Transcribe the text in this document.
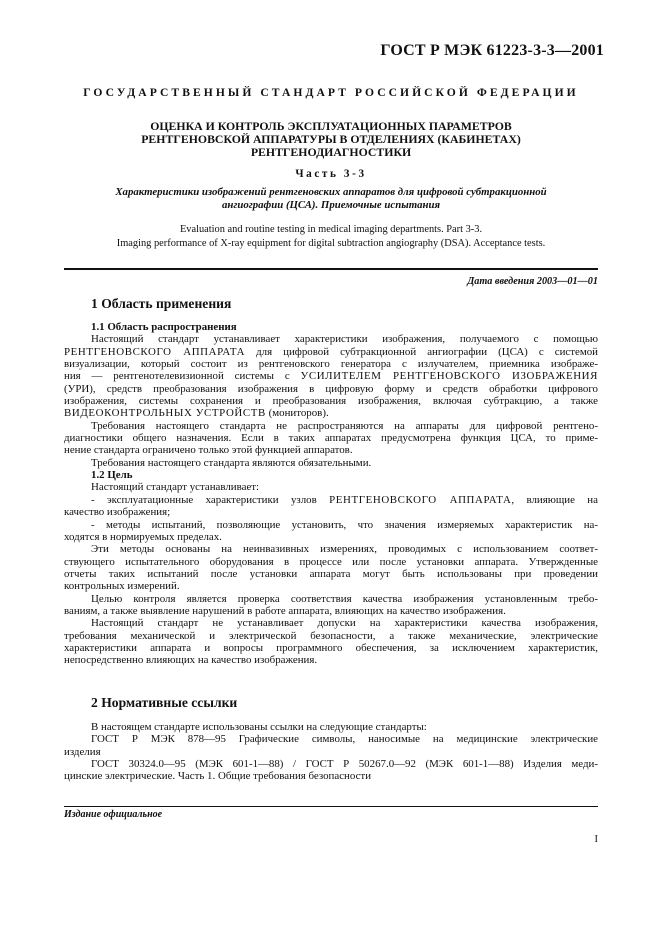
ГОСТ Р МЭК 61223-3-3—2001
ГОСУДАРСТВЕННЫЙ СТАНДАРТ РОССИЙСКОЙ ФЕДЕРАЦИИ
ОЦЕНКА И КОНТРОЛЬ ЭКСПЛУАТАЦИОННЫХ ПАРАМЕТРОВ
РЕНТГЕНОВСКОЙ АППАРАТУРЫ В ОТДЕЛЕНИЯХ (КАБИНЕТАХ)
РЕНТГЕНОДИАГНОСТИКИ
Часть 3-3
Характеристики изображений рентгеновских аппаратов для цифровой субтракционной
ангиографии (ЦСА). Приемочные испытания
Evaluation and routine testing in medical imaging departments. Part 3-3.
Imaging performance of X-ray equipment for digital subtraction angiography (DSA). Acceptance tests.
Дата введения 2003—01—01
1 Область применения
1.1 Область распространения
Настоящий стандарт устанавливает характеристики изображения, получаемого с помощью
РЕНТГЕНОВСКОГО АППАРАТА для цифровой субтракционной ангиографии (ЦСА) с системой
визуализации, который состоит из рентгеновского генератора с излучателем, приемника изображе-
ния — рентгенотелевизионной системы с УСИЛИТЕЛЕМ РЕНТГЕНОВСКОГО ИЗОБРАЖЕНИЯ
(УРИ), средств преобразования изображения в цифровую форму и средств обработки цифрового
изображения, системы сохранения и преобразования изображения, включая субтракцию, а также
ВИДЕОКОНТРОЛЬНЫХ УСТРОЙСТВ (мониторов).
Требования настоящего стандарта не распространяются на аппараты для цифровой рентгено-
диагностики общего назначения. Если в таких аппаратах предусмотрена функция ЦСА, то приме-
нение стандарта ограничено только этой функцией аппаратов.
Требования настоящего стандарта являются обязательными.
1.2 Цель
Настоящий стандарт устанавливает:
- эксплуатационные характеристики узлов РЕНТГЕНОВСКОГО АППАРАТА, влияющие на
качество изображения;
- методы испытаний, позволяющие установить, что значения измеряемых характеристик на-
ходятся в нормируемых пределах.
Эти методы основаны на неинвазивных измерениях, проводимых с использованием соответ-
ствующего испытательного оборудования в процессе или после установки аппарата. Утвержденные
отчеты таких испытаний после установки аппарата могут быть использованы при проведении
контрольных измерений.
Целью контроля является проверка соответствия качества изображения установленным требо-
ваниям, а также выявление нарушений в работе аппарата, влияющих на качество изображения.
Настоящий стандарт не устанавливает допуски на характеристики качества изображения,
требования механической и электрической безопасности, а также механические, электрические
характеристики аппарата и вопросы программного обеспечения, за исключением характеристик,
непосредственно влияющих на качество изображения.
2 Нормативные ссылки
В настоящем стандарте использованы ссылки на следующие стандарты:
ГОСТ Р МЭК 878—95 Графические символы, наносимые на медицинские электрические
изделия
ГОСТ 30324.0—95 (МЭК 601-1—88) / ГОСТ Р 50267.0—92 (МЭК 601-1—88) Изделия меди-
цинские электрические. Часть 1. Общие требования безопасности
Издание официальное
I
